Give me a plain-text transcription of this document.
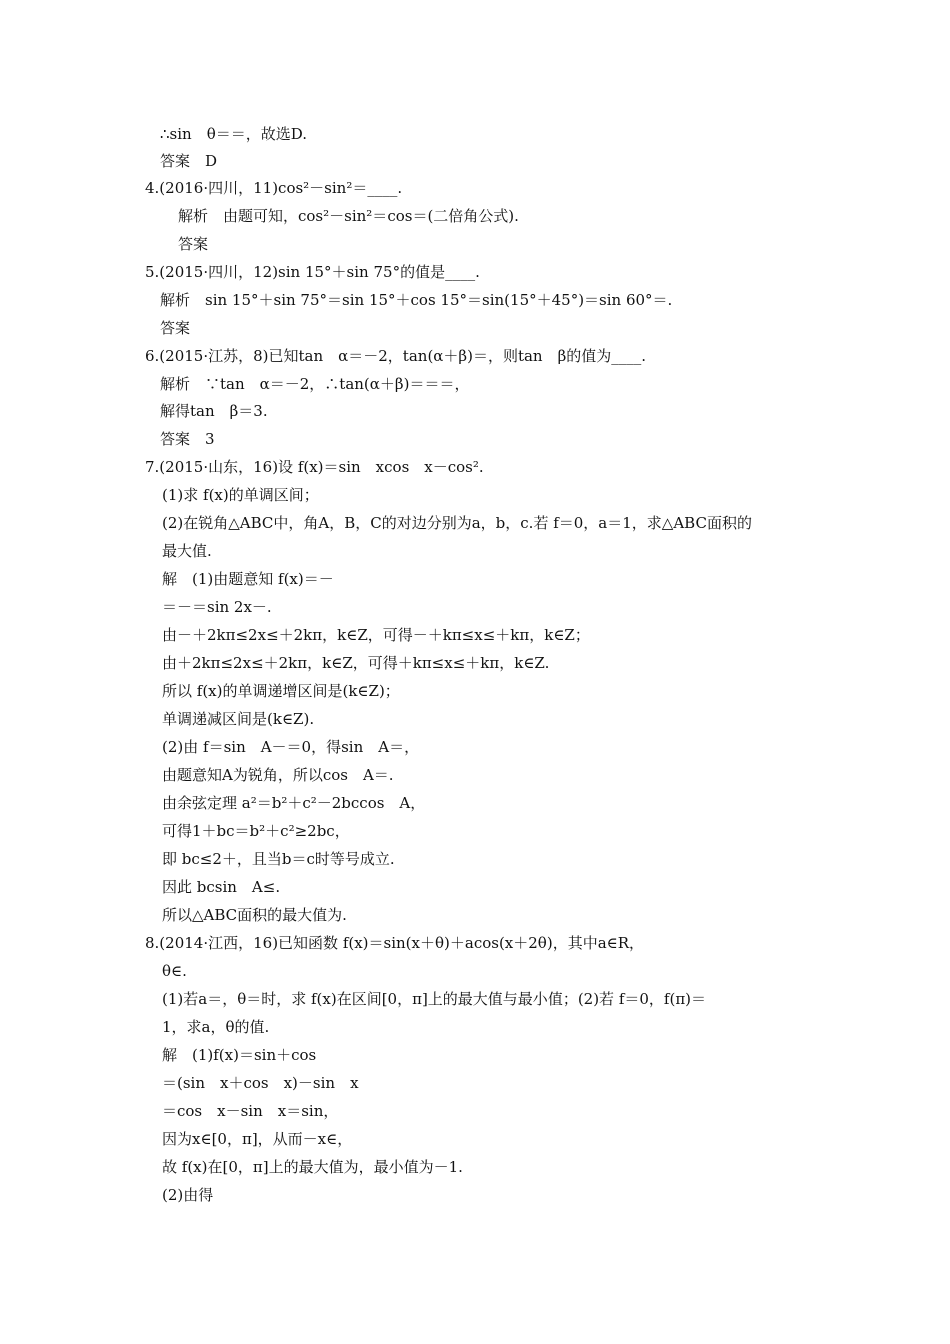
∴sin　θ＝＝，故选D.
答案　D
4.(2016·四川，11)cos²－sin²＝____.
解析　由题可知，cos²－sin²＝cos＝(二倍角公式).
答案
5.(2015·四川，12)sin 15°＋sin 75°的值是____.
解析　sin 15°＋sin 75°＝sin 15°＋cos 15°＝sin(15°＋45°)＝sin 60°＝.
答案
6.(2015·江苏，8)已知tan　α＝－2，tan(α＋β)＝，则tan　β的值为____.
解析　∵tan　α＝－2，∴tan(α＋β)＝＝＝，
解得tan　β＝3.
答案　3
7.(2015·山东，16)设 f(x)＝sin　xcos　x－cos².
(1)求 f(x)的单调区间；
(2)在锐角△ABC中，角A，B，C的对边分别为a，b，c.若 f＝0，a＝1，求△ABC面积的
最大值.
解　(1)由题意知 f(x)＝－
＝－＝sin 2x－.
由－＋2kπ≤2x≤＋2kπ，k∈Z，可得－＋kπ≤x≤＋kπ，k∈Z；
由＋2kπ≤2x≤＋2kπ，k∈Z，可得＋kπ≤x≤＋kπ，k∈Z.
所以 f(x)的单调递增区间是(k∈Z)；
单调递减区间是(k∈Z).
(2)由 f＝sin　A－＝0，得sin　A＝，
由题意知A为锐角，所以cos　A＝.
由余弦定理 a²＝b²＋c²－2bccos　A，
可得1＋bc＝b²＋c²≥2bc，
即 bc≤2＋，且当b＝c时等号成立.
因此 bcsin　A≤.
所以△ABC面积的最大值为.
8.(2014·江西，16)已知函数 f(x)＝sin(x＋θ)＋acos(x＋2θ)，其中a∈R，
θ∈.
(1)若a＝，θ＝时，求 f(x)在区间[0，π]上的最大值与最小值；(2)若 f＝0，f(π)＝
1，求a，θ的值.
解　(1)f(x)＝sin＋cos
＝(sin　x＋cos　x)－sin　x
＝cos　x－sin　x＝sin，
因为x∈[0，π]，从而－x∈，
故 f(x)在[0，π]上的最大值为，最小值为－1.
(2)由得
